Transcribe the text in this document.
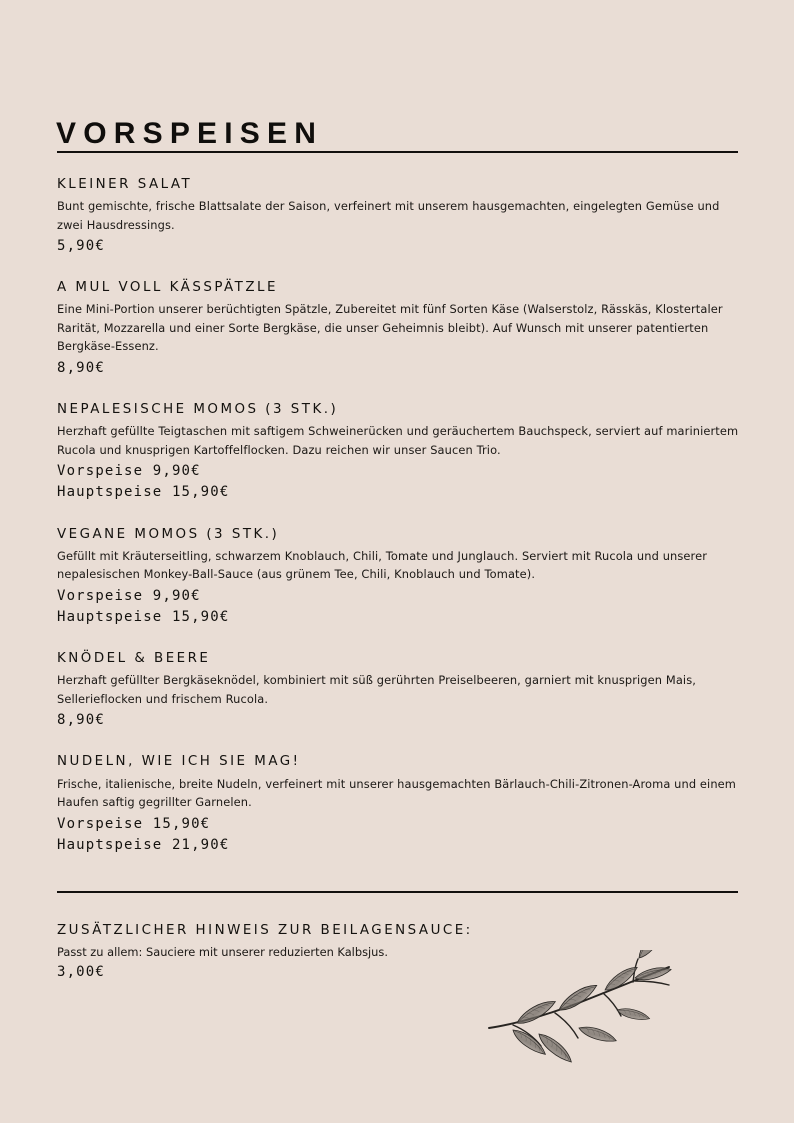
VORSPEISEN
KLEINER SALAT
Bunt gemischte, frische Blattsalate der Saison, verfeinert mit unserem hausgemachten, eingelegten Gemüse und zwei Hausdressings.
5,90€
A MUL VOLL KÄSSPÄTZLE
Eine Mini-Portion unserer berüchtigten Spätzle, Zubereitet mit fünf Sorten Käse (Walserstolz, Rässkäs, Klostertaler Rarität, Mozzarella und einer Sorte Bergkäse, die unser Geheimnis bleibt). Auf Wunsch mit unserer patentierten Bergkäse-Essenz.
8,90€
NEPALESISCHE MOMOS (3 STK.)
Herzhaft gefüllte Teigtaschen mit saftigem Schweinerücken und geräuchertem Bauchspeck, serviert auf mariniertem Rucola und knusprigen Kartoffelflocken. Dazu reichen wir unser Saucen Trio.
Vorspeise 9,90€
Hauptspeise 15,90€
VEGANE MOMOS (3 STK.)
Gefüllt mit Kräuterseitling, schwarzem Knoblauch, Chili, Tomate und Junglauch. Serviert mit Rucola und unserer nepalesischen Monkey-Ball-Sauce (aus grünem Tee, Chili, Knoblauch und Tomate).
Vorspeise 9,90€
Hauptspeise 15,90€
KNÖDEL & BEERE
Herzhaft gefüllter Bergkäseknödel, kombiniert mit süß gerührten Preiselbeeren, garniert mit knusprigen Mais, Sellerieflocken und frischem Rucola.
8,90€
NUDELN, WIE ICH SIE MAG!
Frische, italienische, breite Nudeln, verfeinert mit unserer hausgemachten Bärlauch-Chili-Zitronen-Aroma und einem Haufen saftig gegrillter Garnelen.
Vorspeise 15,90€
Hauptspeise 21,90€
ZUSÄTZLICHER HINWEIS ZUR BEILAGENSAUCE:
Passt zu allem: Sauciere mit unserer reduzierten Kalbsjus.
3,00€
